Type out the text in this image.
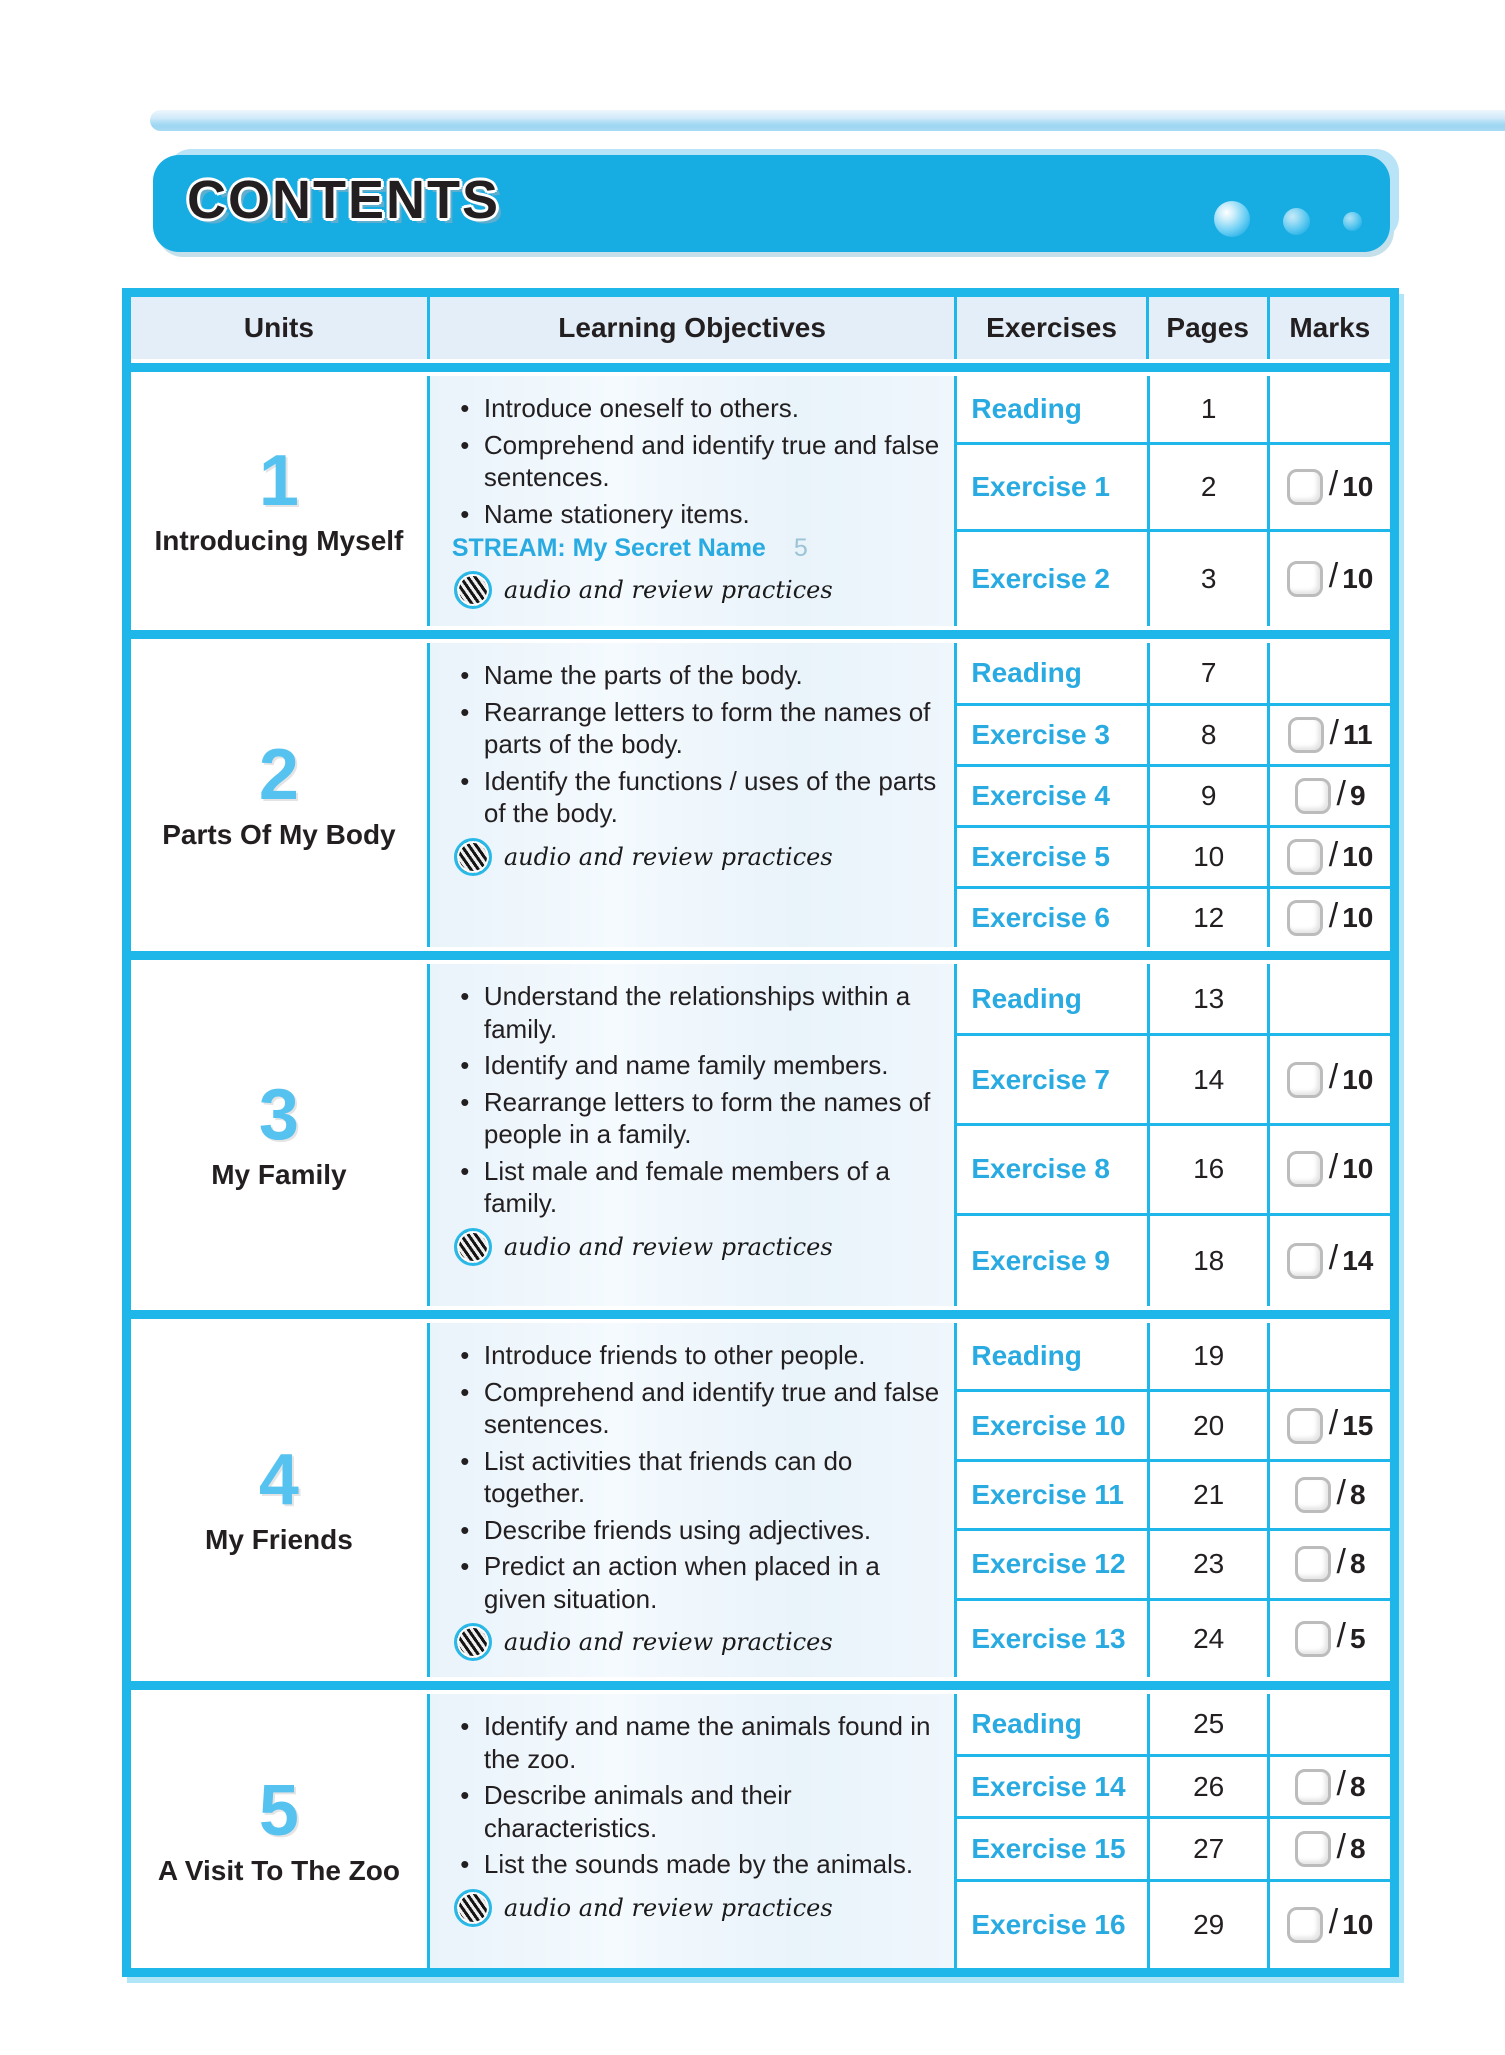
CONTENTS
Units	Learning Objectives	Exercises	Pages	Marks
1
Introducing Myself
• Introduce oneself to others.
• Comprehend and identify true and false sentences.
• Name stationery items.
STREAM: My Secret Name 5
audio and review practices
Reading	1
Exercise 1	2	/ 10
Exercise 2	3	/ 10
2
Parts Of My Body
• Name the parts of the body.
• Rearrange letters to form the names of parts of the body.
• Identify the functions / uses of the parts of the body.
audio and review practices
Reading	7
Exercise 3	8	/ 11
Exercise 4	9	/ 9
Exercise 5	10	/ 10
Exercise 6	12	/ 10
3
My Family
• Understand the relationships within a family.
• Identify and name family members.
• Rearrange letters to form the names of people in a family.
• List male and female members of a family.
audio and review practices
Reading	13
Exercise 7	14	/ 10
Exercise 8	16	/ 10
Exercise 9	18	/ 14
4
My Friends
• Introduce friends to other people.
• Comprehend and identify true and false sentences.
• List activities that friends can do together.
• Describe friends using adjectives.
• Predict an action when placed in a given situation.
audio and review practices
Reading	19
Exercise 10	20	/ 15
Exercise 11	21	/ 8
Exercise 12	23	/ 8
Exercise 13	24	/ 5
5
A Visit To The Zoo
• Identify and name the animals found in the zoo.
• Describe animals and their characteristics.
• List the sounds made by the animals.
audio and review practices
Reading	25
Exercise 14	26	/ 8
Exercise 15	27	/ 8
Exercise 16	29	/ 10
